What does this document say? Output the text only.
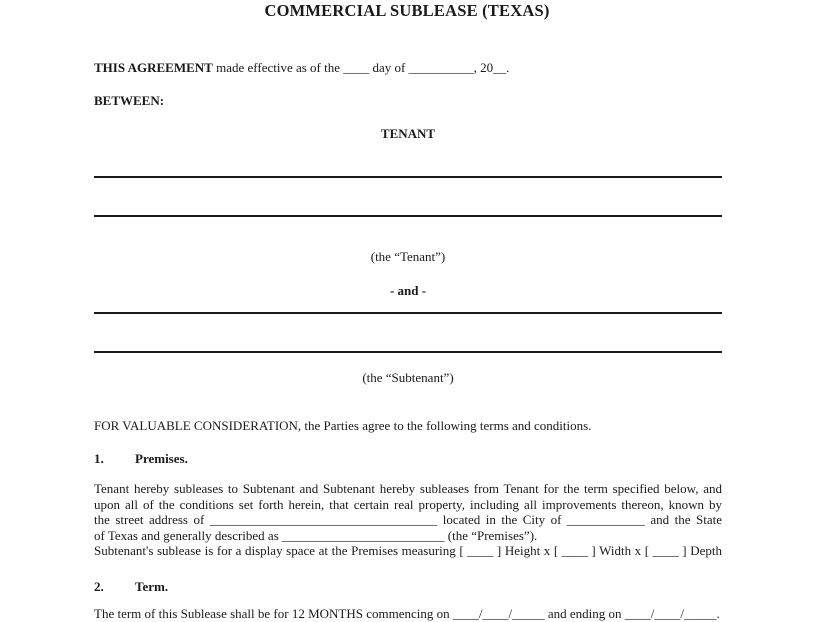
COMMERCIAL SUBLEASE (TEXAS)

THIS AGREEMENT made effective as of the ____ day of __________, 20__.

BETWEEN:

TENANT

(the “Tenant”)

- and -

(the “Subtenant”)

FOR VALUABLE CONSIDERATION, the Parties agree to the following terms and conditions.

1. Premises.

Tenant hereby subleases to Subtenant and Subtenant hereby subleases from Tenant for the term specified below, and
upon all of the conditions set forth herein, that certain real property, including all improvements thereon, known by
the street address of ___________________________________ located in the City of ____________ and the State
of Texas and generally described as _________________________ (the “Premises”).
Subtenant's sublease is for a display space at the Premises measuring [ ____ ] Height x [ ____ ] Width x [ ____ ] Depth

2. Term.

The term of this Sublease shall be for 12 MONTHS commencing on ____/____/_____ and ending on ____/____/_____.
